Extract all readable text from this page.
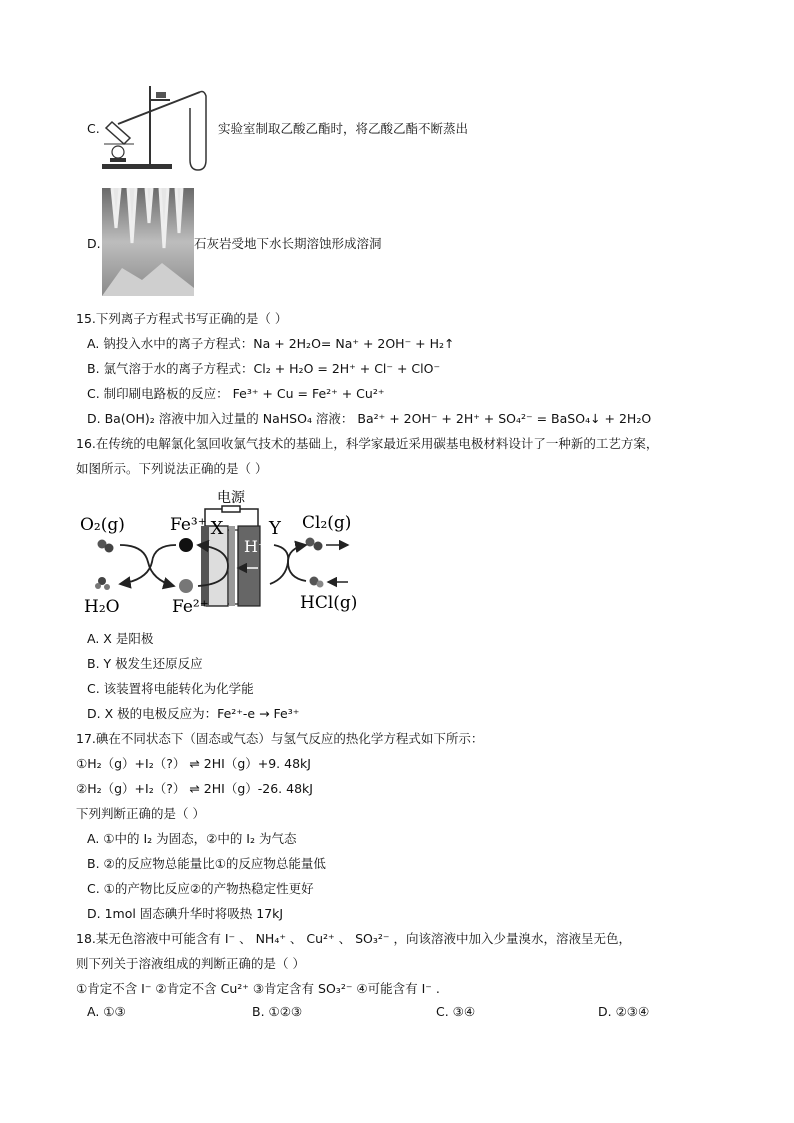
C.	实验室制取乙酸乙酯时，将乙酸乙酯不断蒸出
D.	石灰岩受地下水长期溶蚀形成溶洞
15.下列离子方程式书写正确的是（ ）
A. 钠投入水中的离子方程式：Na + 2H₂O= Na⁺ + 2OH⁻ + H₂↑
B. 氯气溶于水的离子方程式：Cl₂ + H₂O = 2H⁺ + Cl⁻ + ClO⁻
C. 制印刷电路板的反应： Fe³⁺ + Cu = Fe²⁺ + Cu²⁺
D. Ba(OH)₂ 溶液中加入过量的 NaHSO₄ 溶液： Ba²⁺ + 2OH⁻ + 2H⁺ + SO₄²⁻ = BaSO₄↓ + 2H₂O
16.在传统的电解氯化氢回收氯气技术的基础上，科学家最近采用碳基电极材料设计了一种新的工艺方案，
如图所示。下列说法正确的是（ ）
电源
H⁺
X	Y
O₂(g)
H₂O
Fe³⁺
Fe²⁺
Cl₂(g)
HCl(g)
A. X 是阳极
B. Y 极发生还原反应
C. 该装置将电能转化为化学能
D. X 极的电极反应为：Fe²⁺-e → Fe³⁺
17.碘在不同状态下（固态或气态）与氢气反应的热化学方程式如下所示：
①H₂（g）+I₂（?） ⇌ 2HI（g）+9. 48kJ
②H₂（g）+I₂（?） ⇌ 2HI（g）-26. 48kJ
下列判断正确的是（ ）
A. ①中的 I₂ 为固态，②中的 I₂ 为气态
B. ②的反应物总能量比①的反应物总能量低
C. ①的产物比反应②的产物热稳定性更好
D. 1mol 固态碘升华时将吸热 17kJ
18.某无色溶液中可能含有 I⁻ 、 NH₄⁺ 、 Cu²⁺ 、 SO₃²⁻ ，向该溶液中加入少量溴水，溶液呈无色，
则下列关于溶液组成的判断正确的是（ ）
①肯定不含 I⁻ ②肯定不含 Cu²⁺ ③肯定含有 SO₃²⁻ ④可能含有 I⁻ .
A. ①③	B. ①②③	C. ③④	D. ②③④
